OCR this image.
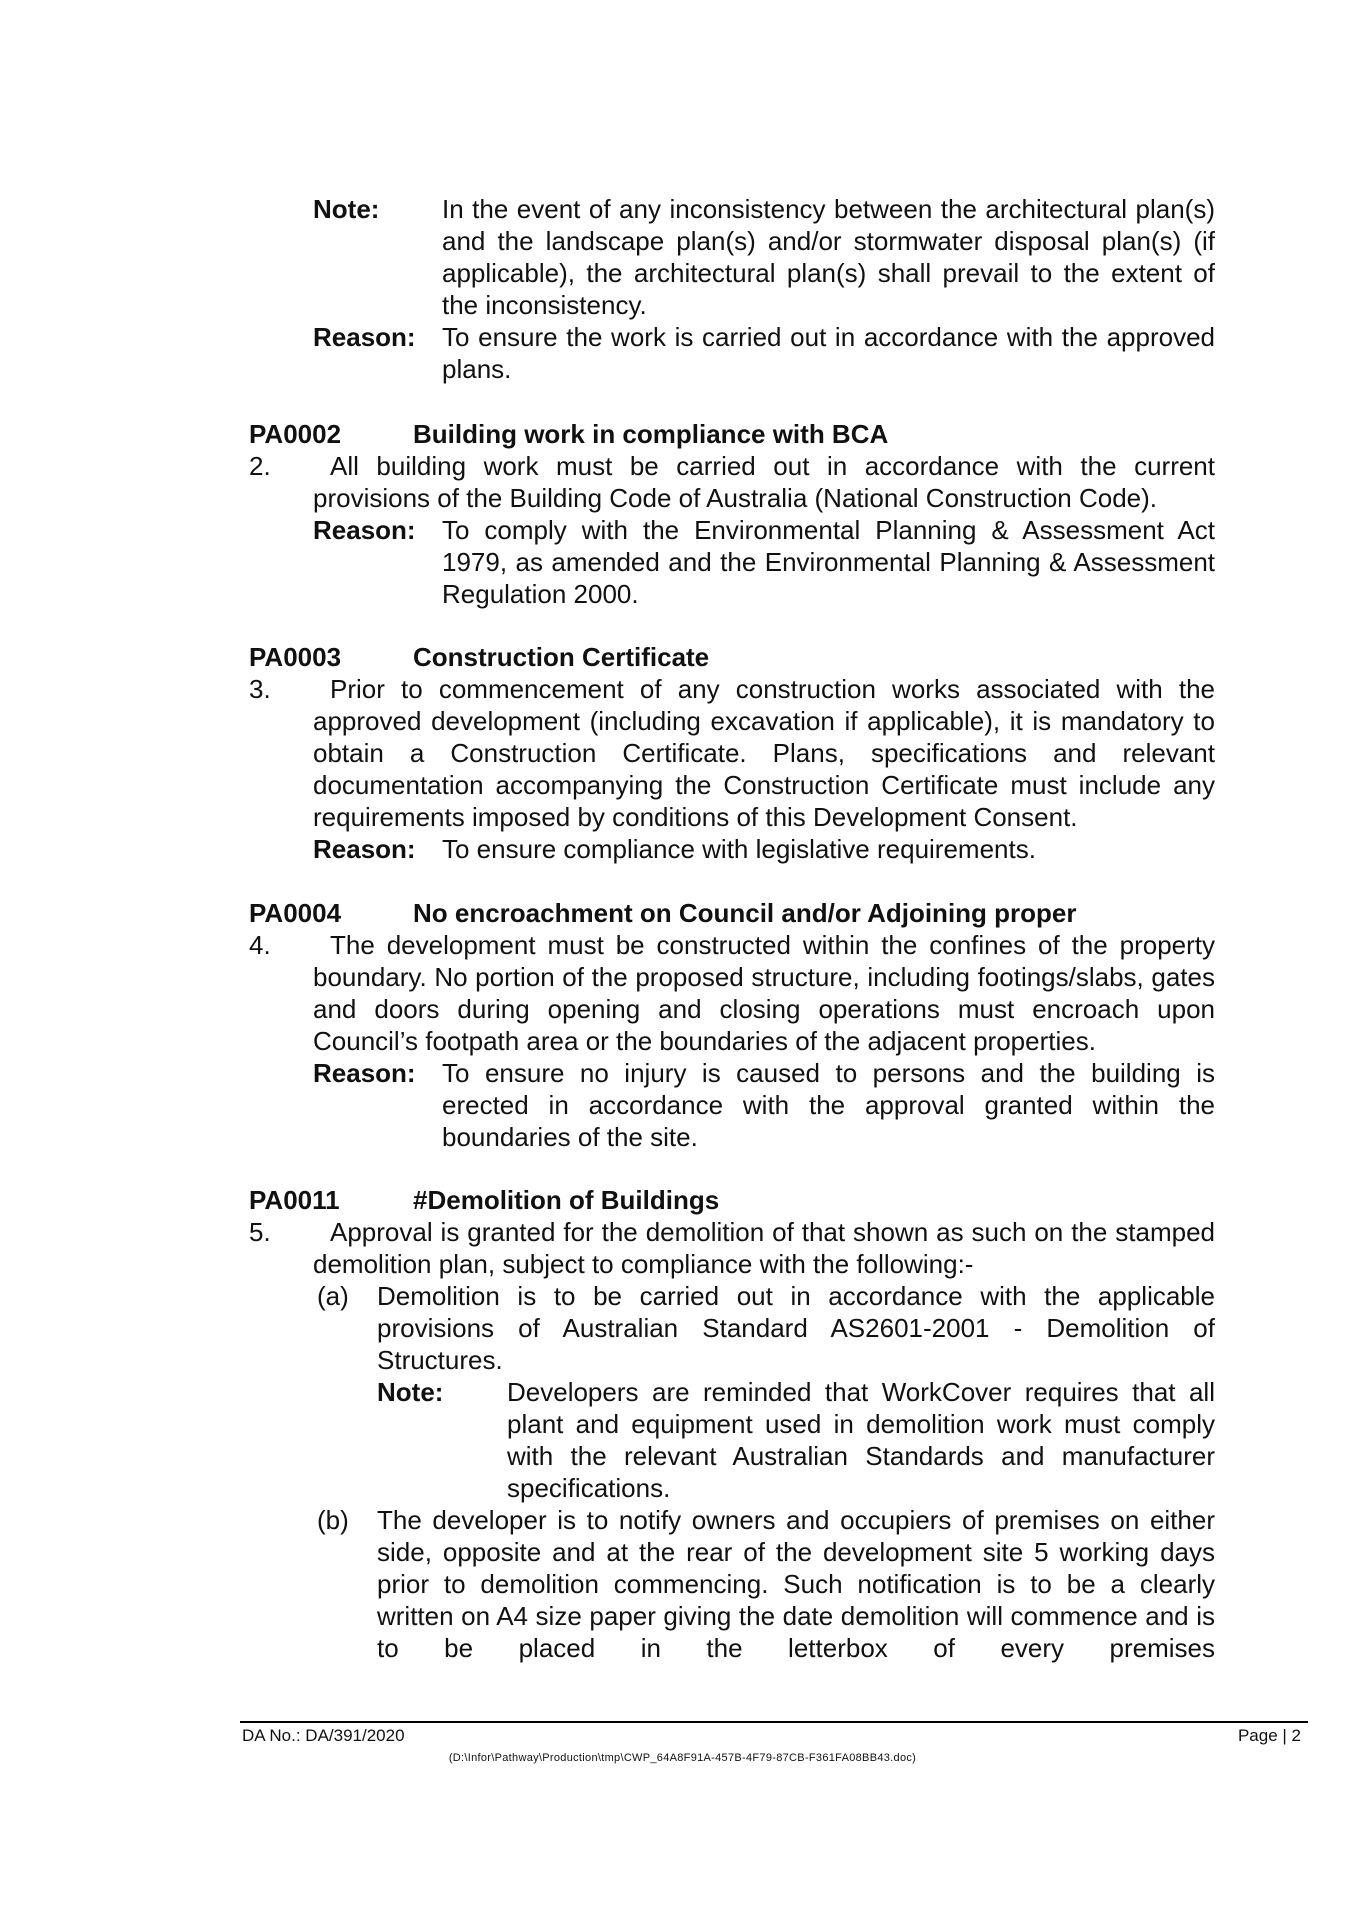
Note: In the event of any inconsistency between the architectural plan(s) and the landscape plan(s) and/or stormwater disposal plan(s) (if applicable), the architectural plan(s) shall prevail to the extent of the inconsistency.
Reason: To ensure the work is carried out in accordance with the approved plans.
PA0002	Building work in compliance with BCA
2.	All building work must be carried out in accordance with the current provisions of the Building Code of Australia (National Construction Code).
Reason: To comply with the Environmental Planning & Assessment Act 1979, as amended and the Environmental Planning & Assessment Regulation 2000.
PA0003	Construction Certificate
3.	Prior to commencement of any construction works associated with the approved development (including excavation if applicable), it is mandatory to obtain a Construction Certificate. Plans, specifications and relevant documentation accompanying the Construction Certificate must include any requirements imposed by conditions of this Development Consent.
Reason: To ensure compliance with legislative requirements.
PA0004	No encroachment on Council and/or Adjoining proper
4.	The development must be constructed within the confines of the property boundary. No portion of the proposed structure, including footings/slabs, gates and doors during opening and closing operations must encroach upon Council’s footpath area or the boundaries of the adjacent properties.
Reason: To ensure no injury is caused to persons and the building is erected in accordance with the approval granted within the boundaries of the site.
PA0011	#Demolition of Buildings
5.	Approval is granted for the demolition of that shown as such on the stamped demolition plan, subject to compliance with the following:-
(a) Demolition is to be carried out in accordance with the applicable provisions of Australian Standard AS2601-2001 - Demolition of Structures.
Note: Developers are reminded that WorkCover requires that all plant and equipment used in demolition work must comply with the relevant Australian Standards and manufacturer specifications.
(b) The developer is to notify owners and occupiers of premises on either side, opposite and at the rear of the development site 5 working days prior to demolition commencing. Such notification is to be a clearly written on A4 size paper giving the date demolition will commence and is to be placed in the letterbox of every premises
DA No.: DA/391/2020	Page | 2
(D:\Infor\Pathway\Production\tmp\CWP_64A8F91A-457B-4F79-87CB-F361FA08BB43.doc)
